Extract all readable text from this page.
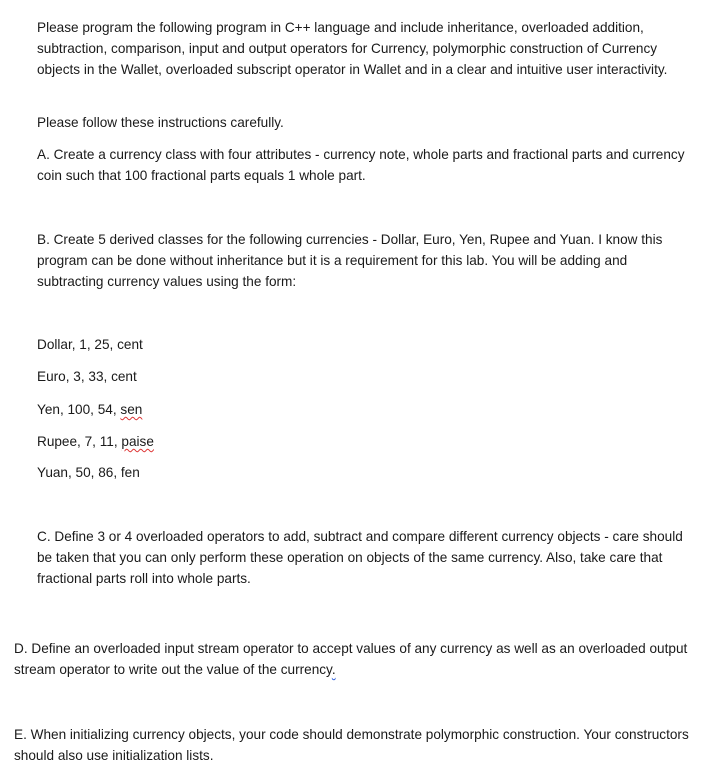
Please program the following program in C++ language and include inheritance, overloaded addition, subtraction, comparison, input and output operators for Currency, polymorphic construction of Currency objects in the Wallet, overloaded subscript operator in Wallet and in a clear and intuitive user interactivity.

Please follow these instructions carefully.

A. Create a currency class with four attributes - currency note, whole parts and fractional parts and currency coin such that 100 fractional parts equals 1 whole part.

B. Create 5 derived classes for the following currencies - Dollar, Euro, Yen, Rupee and Yuan. I know this program can be done without inheritance but it is a requirement for this lab. You will be adding and subtracting currency values using the form:

Dollar, 1, 25, cent

Euro, 3, 33, cent

Yen, 100, 54, sen

Rupee, 7, 11, paise

Yuan, 50, 86, fen

C. Define 3 or 4 overloaded operators to add, subtract and compare different currency objects - care should be taken that you can only perform these operation on objects of the same currency. Also, take care that fractional parts roll into whole parts.

D. Define an overloaded input stream operator to accept values of any currency as well as an overloaded output stream operator to write out the value of the currency.

E. When initializing currency objects, your code should demonstrate polymorphic construction. Your constructors should also use initialization lists.
